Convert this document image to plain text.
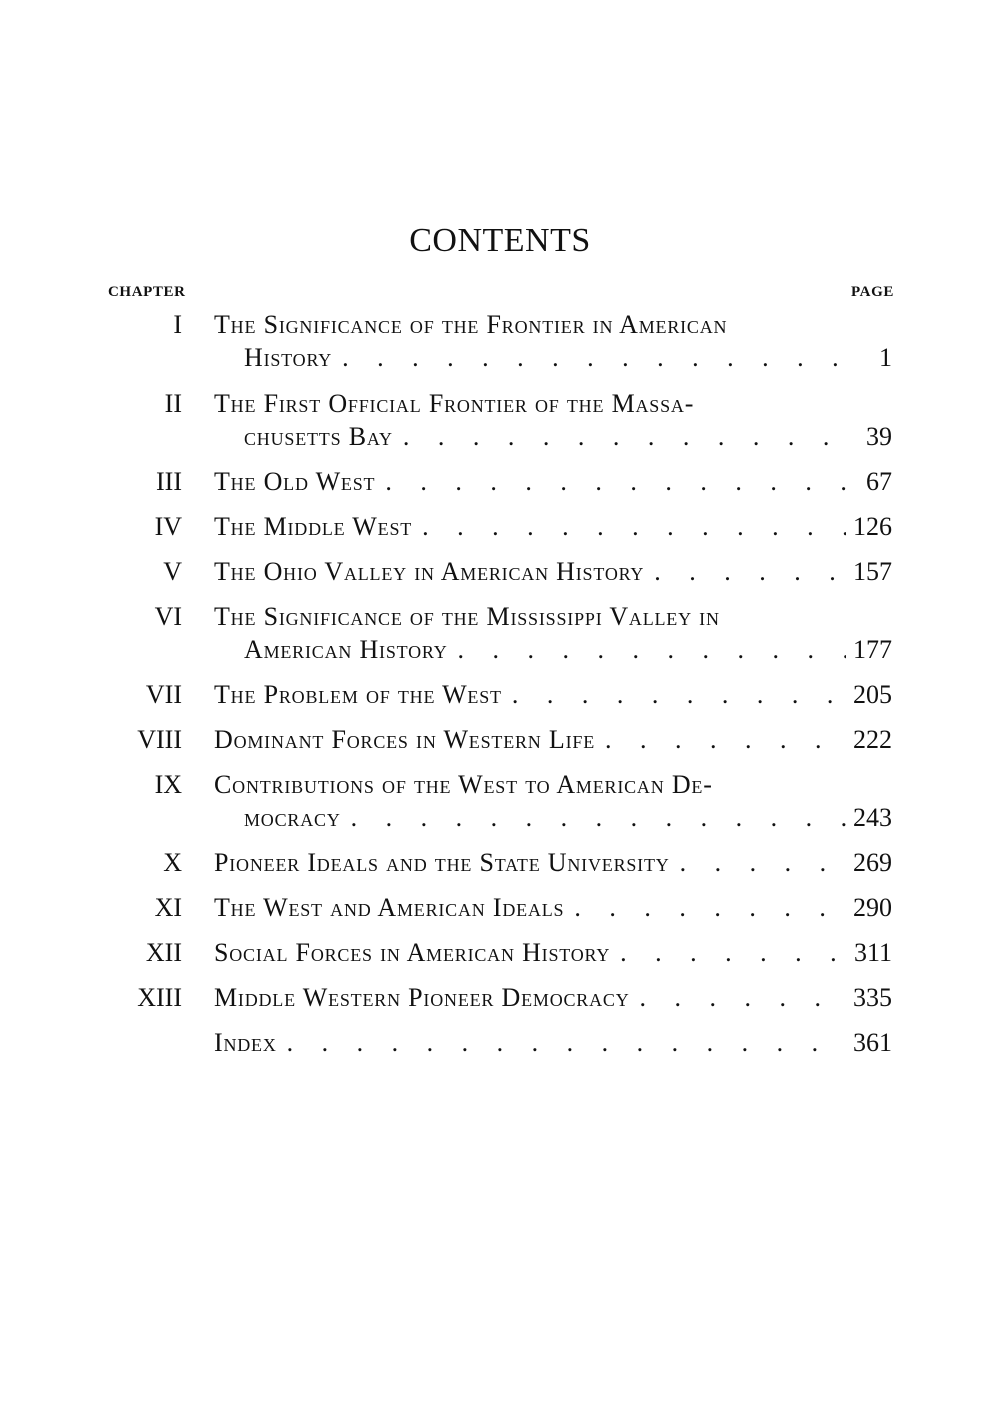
CONTENTS
CHAPTER	PAGE
I The Significance of the Frontier in American
History . . .	1
II The First Official Frontier of the Massa-
chusetts Bay . . .	39
III The Old West . . .	67
IV The Middle West . . .	126
V The Ohio Valley in American History . . .	157
VI The Significance of the Mississippi Valley in
American History . . .	177
VII The Problem of the West . . .	205
VIII Dominant Forces in Western Life . . .	222
IX Contributions of the West to American De-
mocracy . . .	243
X Pioneer Ideals and the State University . . .	269
XI The West and American Ideals . . .	290
XII Social Forces in American History . . .	311
XIII Middle Western Pioneer Democracy . . .	335
Index . . .	361
